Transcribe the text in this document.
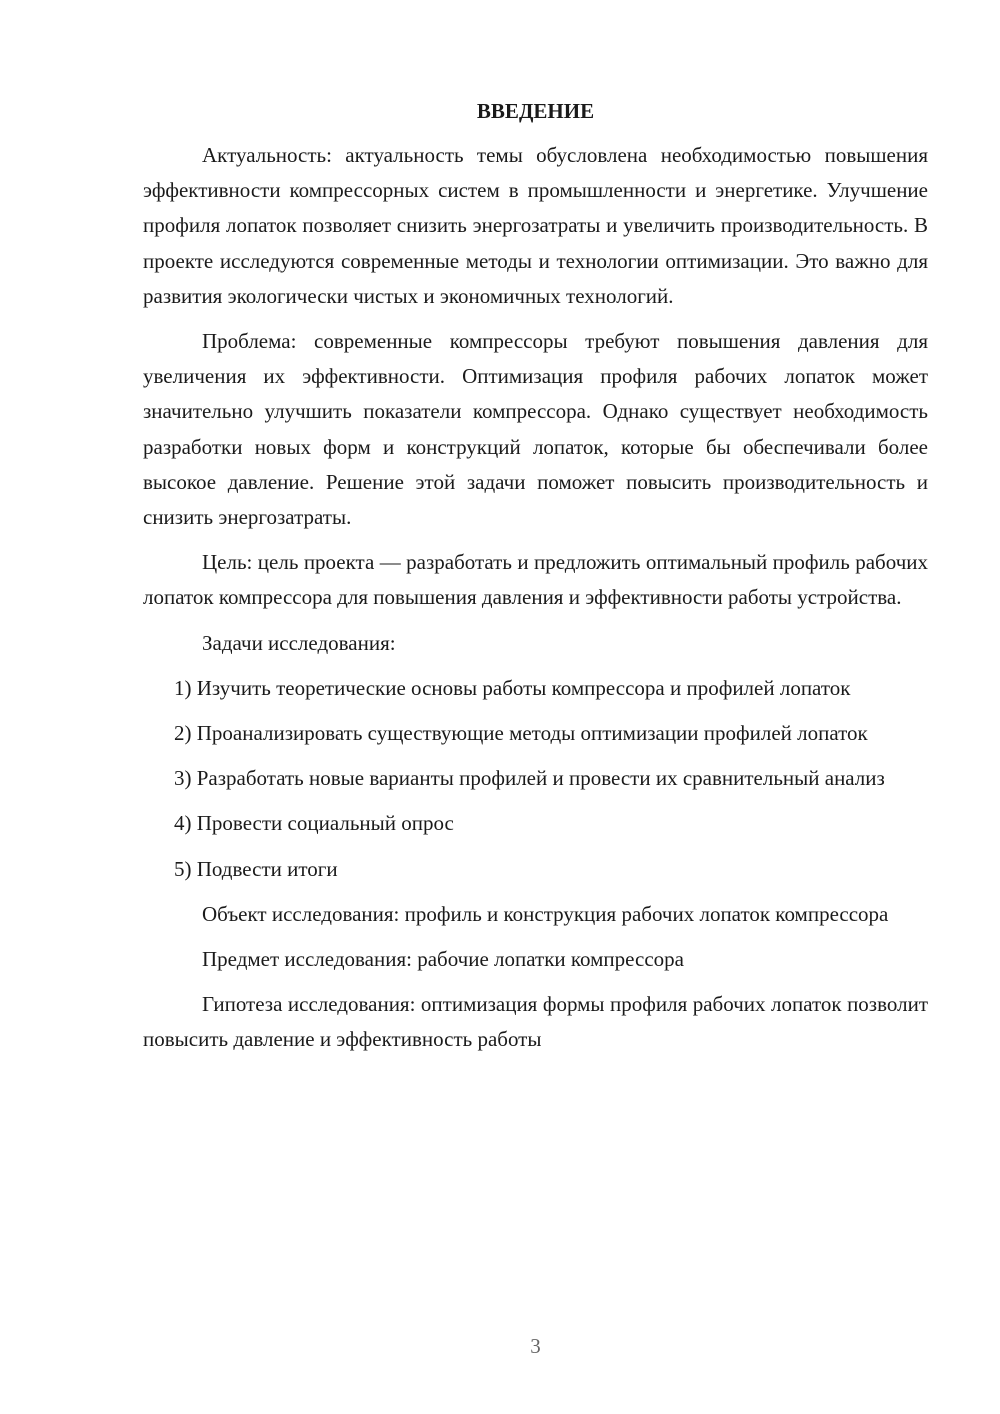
ВВЕДЕНИЕ

Актуальность: актуальность темы обусловлена необходимостью повышения эффективности компрессорных систем в промышленности и энергетике. Улучшение профиля лопаток позволяет снизить энергозатраты и увеличить производительность. В проекте исследуются современные методы и технологии оптимизации. Это важно для развития экологически чистых и экономичных технологий.

Проблема: современные компрессоры требуют повышения давления для увеличения их эффективности. Оптимизация профиля рабочих лопаток может значительно улучшить показатели компрессора. Однако существует необходимость разработки новых форм и конструкций лопаток, которые бы обеспечивали более высокое давление. Решение этой задачи поможет повысить производительность и снизить энергозатраты.

Цель: цель проекта — разработать и предложить оптимальный профиль рабочих лопаток компрессора для повышения давления и эффективности работы устройства.

Задачи исследования:

1) Изучить теоретические основы работы компрессора и профилей лопаток

2) Проанализировать существующие методы оптимизации профилей лопаток

3) Разработать новые варианты профилей и провести их сравнительный анализ

4) Провести социальный опрос

5) Подвести итоги

Объект исследования: профиль и конструкция рабочих лопаток компрессора

Предмет исследования: рабочие лопатки компрессора

Гипотеза исследования: оптимизация формы профиля рабочих лопаток позволит повысить давление и эффективность работы

3
